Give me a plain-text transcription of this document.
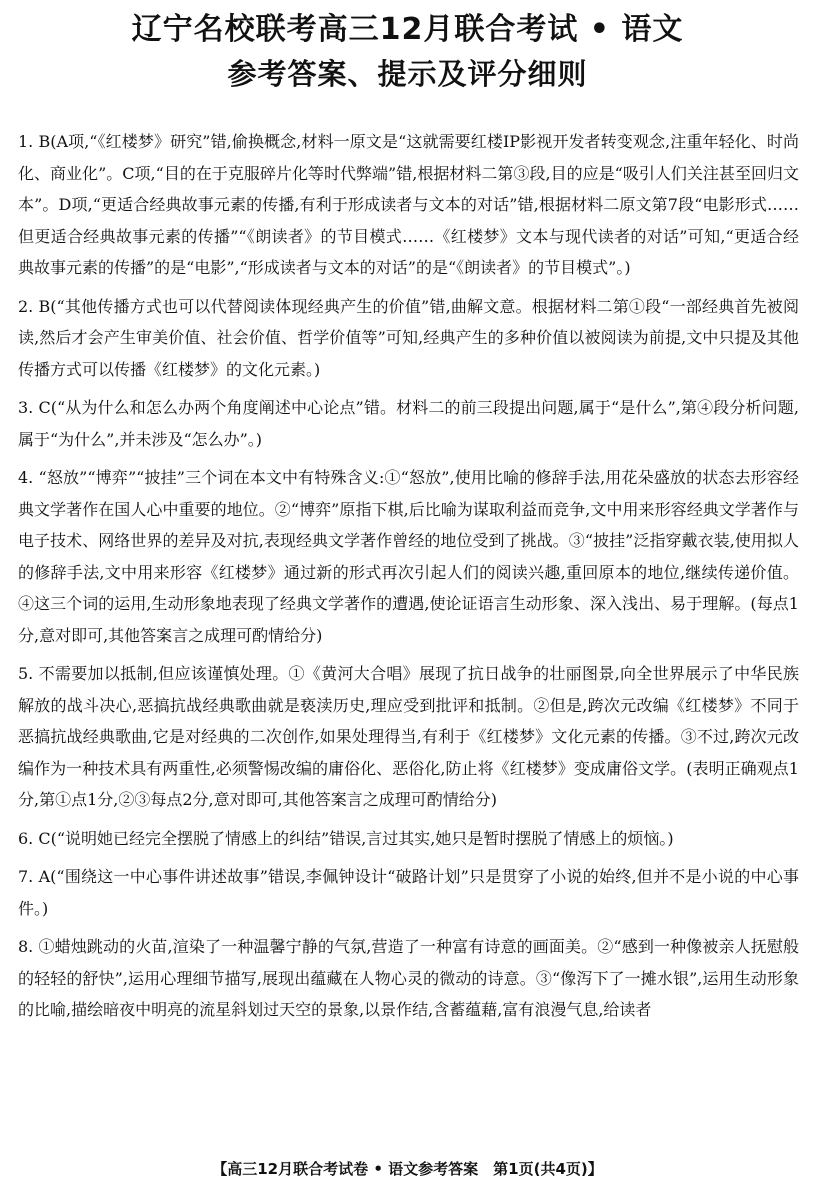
辽宁名校联考高三12月联合考试 • 语文
参考答案、提示及评分细则

1. B(A项,“《红楼梦》研究”错,偷换概念,材料一原文是“这就需要红楼IP影视开发者转变观念,注重年轻化、时尚化、商业化”。C项,“目的在于克服碎片化等时代弊端”错,根据材料二第③段,目的应是“吸引人们关注甚至回归文本”。D项,“更适合经典故事元素的传播,有利于形成读者与文本的对话”错,根据材料二原文第7段“电影形式……但更适合经典故事元素的传播”“《朗读者》的节目模式……《红楼梦》文本与现代读者的对话”可知,“更适合经典故事元素的传播”的是“电影”,“形成读者与文本的对话”的是“《朗读者》的节目模式”。)

2. B(“其他传播方式也可以代替阅读体现经典产生的价值”错,曲解文意。根据材料二第①段“一部经典首先被阅读,然后才会产生审美价值、社会价值、哲学价值等”可知,经典产生的多种价值以被阅读为前提,文中只提及其他传播方式可以传播《红楼梦》的文化元素。)

3. C(“从为什么和怎么办两个角度阐述中心论点”错。材料二的前三段提出问题,属于“是什么”,第④段分析问题,属于“为什么”,并未涉及“怎么办”。)

4. “怒放”“博弈”“披挂”三个词在本文中有特殊含义:①“怒放”,使用比喻的修辞手法,用花朵盛放的状态去形容经典文学著作在国人心中重要的地位。②“博弈”原指下棋,后比喻为谋取利益而竞争,文中用来形容经典文学著作与电子技术、网络世界的差异及对抗,表现经典文学著作曾经的地位受到了挑战。③“披挂”泛指穿戴衣装,使用拟人的修辞手法,文中用来形容《红楼梦》通过新的形式再次引起人们的阅读兴趣,重回原本的地位,继续传递价值。④这三个词的运用,生动形象地表现了经典文学著作的遭遇,使论证语言生动形象、深入浅出、易于理解。(每点1分,意对即可,其他答案言之成理可酌情给分)

5. 不需要加以抵制,但应该谨慎处理。①《黄河大合唱》展现了抗日战争的壮丽图景,向全世界展示了中华民族解放的战斗决心,恶搞抗战经典歌曲就是亵渎历史,理应受到批评和抵制。②但是,跨次元改编《红楼梦》不同于恶搞抗战经典歌曲,它是对经典的二次创作,如果处理得当,有利于《红楼梦》文化元素的传播。③不过,跨次元改编作为一种技术具有两重性,必须警惕改编的庸俗化、恶俗化,防止将《红楼梦》变成庸俗文学。(表明正确观点1分,第①点1分,②③每点2分,意对即可,其他答案言之成理可酌情给分)

6. C(“说明她已经完全摆脱了情感上的纠结”错误,言过其实,她只是暂时摆脱了情感上的烦恼。)

7. A(“围绕这一中心事件讲述故事”错误,李佩钟设计“破路计划”只是贯穿了小说的始终,但并不是小说的中心事件。)

8. ①蜡烛跳动的火苗,渲染了一种温馨宁静的气氛,营造了一种富有诗意的画面美。②“感到一种像被亲人抚慰般的轻轻的舒快”,运用心理细节描写,展现出蕴藏在人物心灵的微动的诗意。③“像泻下了一摊水银”,运用生动形象的比喻,描绘暗夜中明亮的流星斜划过天空的景象,以景作结,含蓄蕴藉,富有浪漫气息,给读者

【高三12月联合考试卷 • 语文参考答案　第1页(共4页)】
